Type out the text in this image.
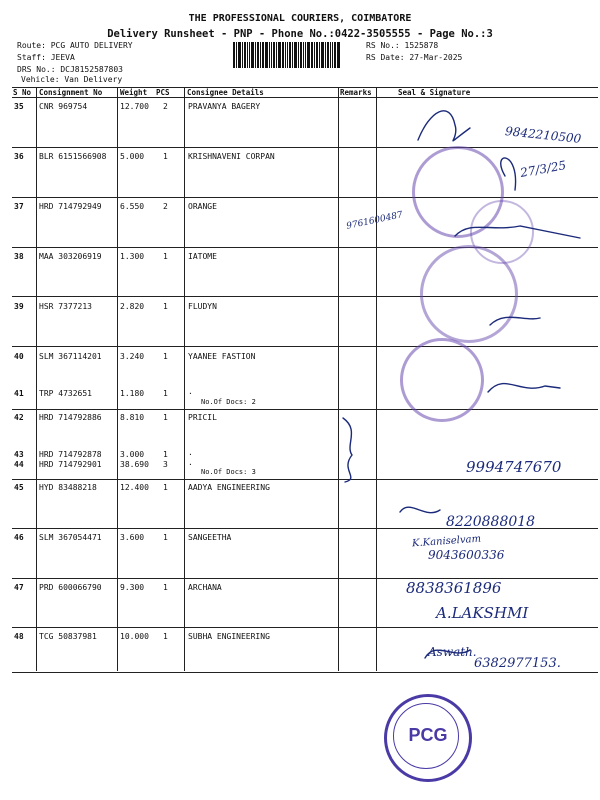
THE PROFESSIONAL COURIERS, COIMBATORE
Delivery Runsheet - PNP - Phone No.:0422-3505555 - Page No.:3
Route: PCG AUTO DELIVERY
Staff: JEEVA
DRS No.: DCJ8152587803
Vehicle: Van Delivery
RS No.: 1525878
RS Date: 27-Mar-2025
S No Consignment No Weight PCS Consignee Details	Remarks	Seal & Signature
35 CNR 969754	12.700 2	PRAVANYA BAGERY
36 BLR 6151566908 5.000 1	KRISHNAVENI CORPAN
37 HRD 714792949 6.550 2	ORANGE
38 MAA 303206919 1.300 1	IATOME
39 HSR 7377213	2.820 1	FLUDYN
40 SLM 367114201 3.240 1	YAANEE FASTION
41 TRP 4732651	1.180 1	.
No.Of Docs: 2
42 HRD 714792886 8.810 1	PRICIL
43 HRD 714792878 3.000 1	.
44 HRD 714792901 38.690 3	.
No.Of Docs: 3
45 HYD 83488218	12.400 1	AADYA ENGINEERING
46 SLM 367054471 3.600 1	SANGEETHA
47 PRD 600066790 9.300 1	ARCHANA
48 TCG 50837981	10.000 1	SUBHA ENGINEERING
PCG
9842210500
27/3/25
9761600487
9994747670
8220888018
K.Kaniselvam
9043600336
8838361896
A.LAKSHMI
Aswath.
6382977153.
